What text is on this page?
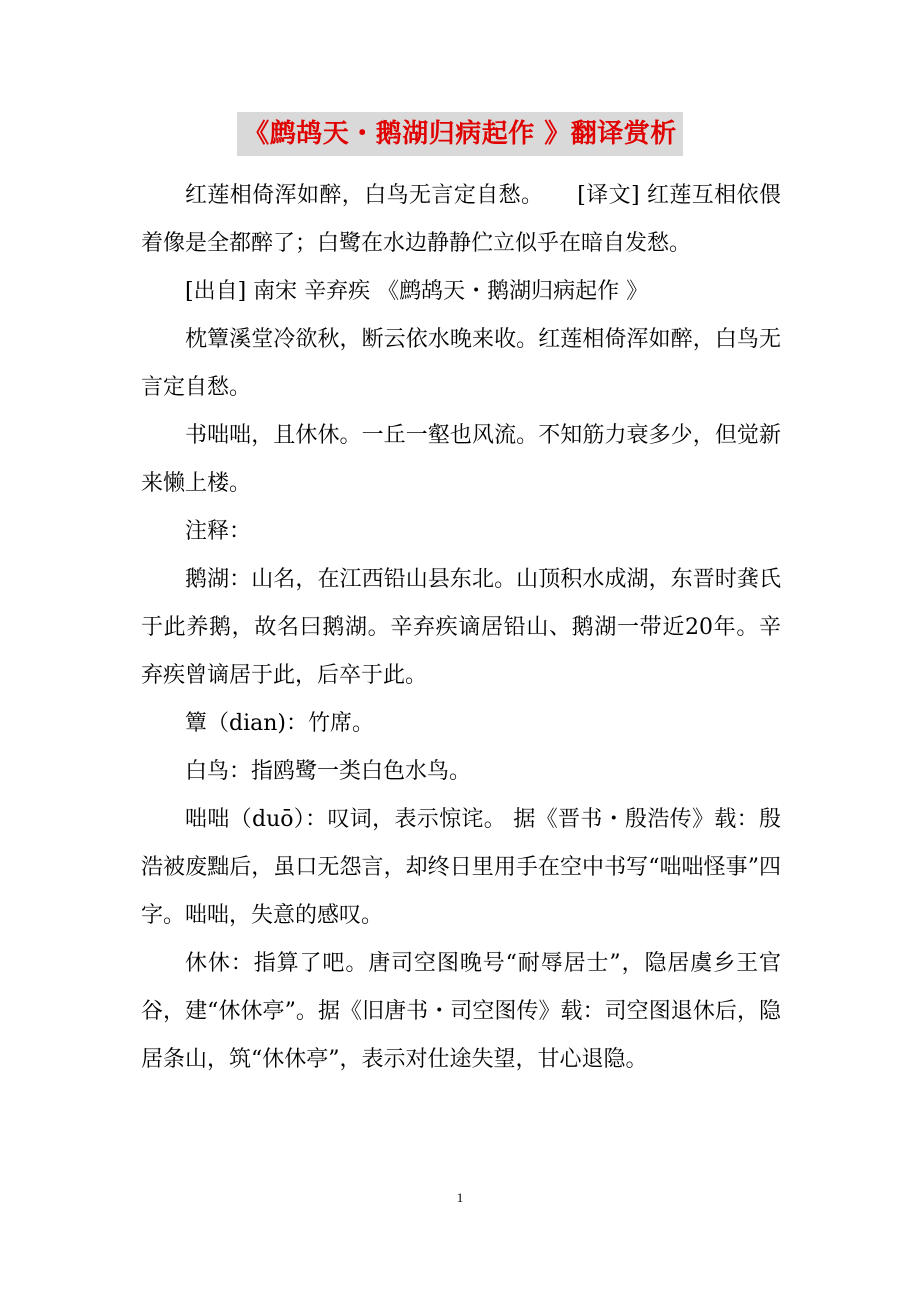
《鹧鸪天・鹅湖归病起作 》翻译赏析

红莲相倚浑如醉，白鸟无言定自愁。　　[译文] 红莲互相依偎着像是全都醉了；白鹭在水边静静伫立似乎在暗自发愁。

[出自] 南宋 辛弃疾 《鹧鸪天・鹅湖归病起作 》

枕簟溪堂冷欲秋，断云依水晚来收。红莲相倚浑如醉，白鸟无言定自愁。

书咄咄，且休休。一丘一壑也风流。不知筋力衰多少，但觉新来懒上楼。

注释：

鹅湖：山名，在江西铅山县东北。山顶积水成湖，东晋时龚氏于此养鹅，故名曰鹅湖。辛弃疾谪居铅山、鹅湖一带近20年。辛弃疾曾谪居于此，后卒于此。

簟（dian)：竹席。

白鸟：指鸥鹭一类白色水鸟。

咄咄（duō）：叹词，表示惊诧。 据《晋书・殷浩传》载：殷浩被废黜后，虽口无怨言，却终日里用手在空中书写“咄咄怪事”四字。咄咄，失意的感叹。

休休：指算了吧。唐司空图晚号“耐辱居士”，隐居虞乡王官谷，建“休休亭”。据《旧唐书・司空图传》载：司空图退休后，隐居条山，筑“休休亭”，表示对仕途失望，甘心退隐。

1
